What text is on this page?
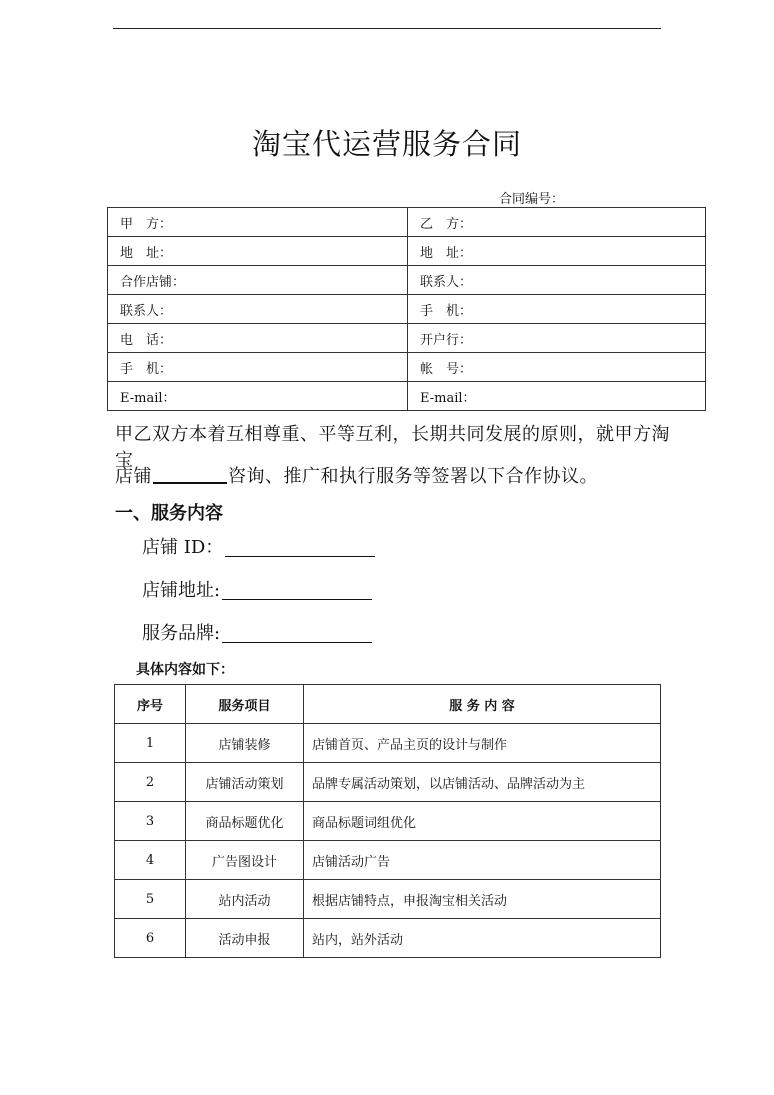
淘宝代运营服务合同
合同编号：
甲　方：	乙　方：
地　址：	地　址：
合作店铺：	联系人：
联系人：	手　机：
电　话：	开户行：
手　机：	帐　号：
E-mail：	E-mail：
甲乙双方本着互相尊重、平等互利，长期共同发展的原则，就甲方淘宝
店铺	咨询、推广和执行服务等签署以下合作协议。
一、服务内容
店铺 ID：
店铺地址:
服务品牌:
具体内容如下：
序号	服务项目	服 务 内 容
1	店铺装修	店铺首页、产品主页的设计与制作
2	店铺活动策划	品牌专属活动策划，以店铺活动、品牌活动为主
3	商品标题优化	商品标题词组优化
4	广告图设计	店铺活动广告
5	站内活动	根据店铺特点，申报淘宝相关活动
6	活动申报	站内，站外活动
